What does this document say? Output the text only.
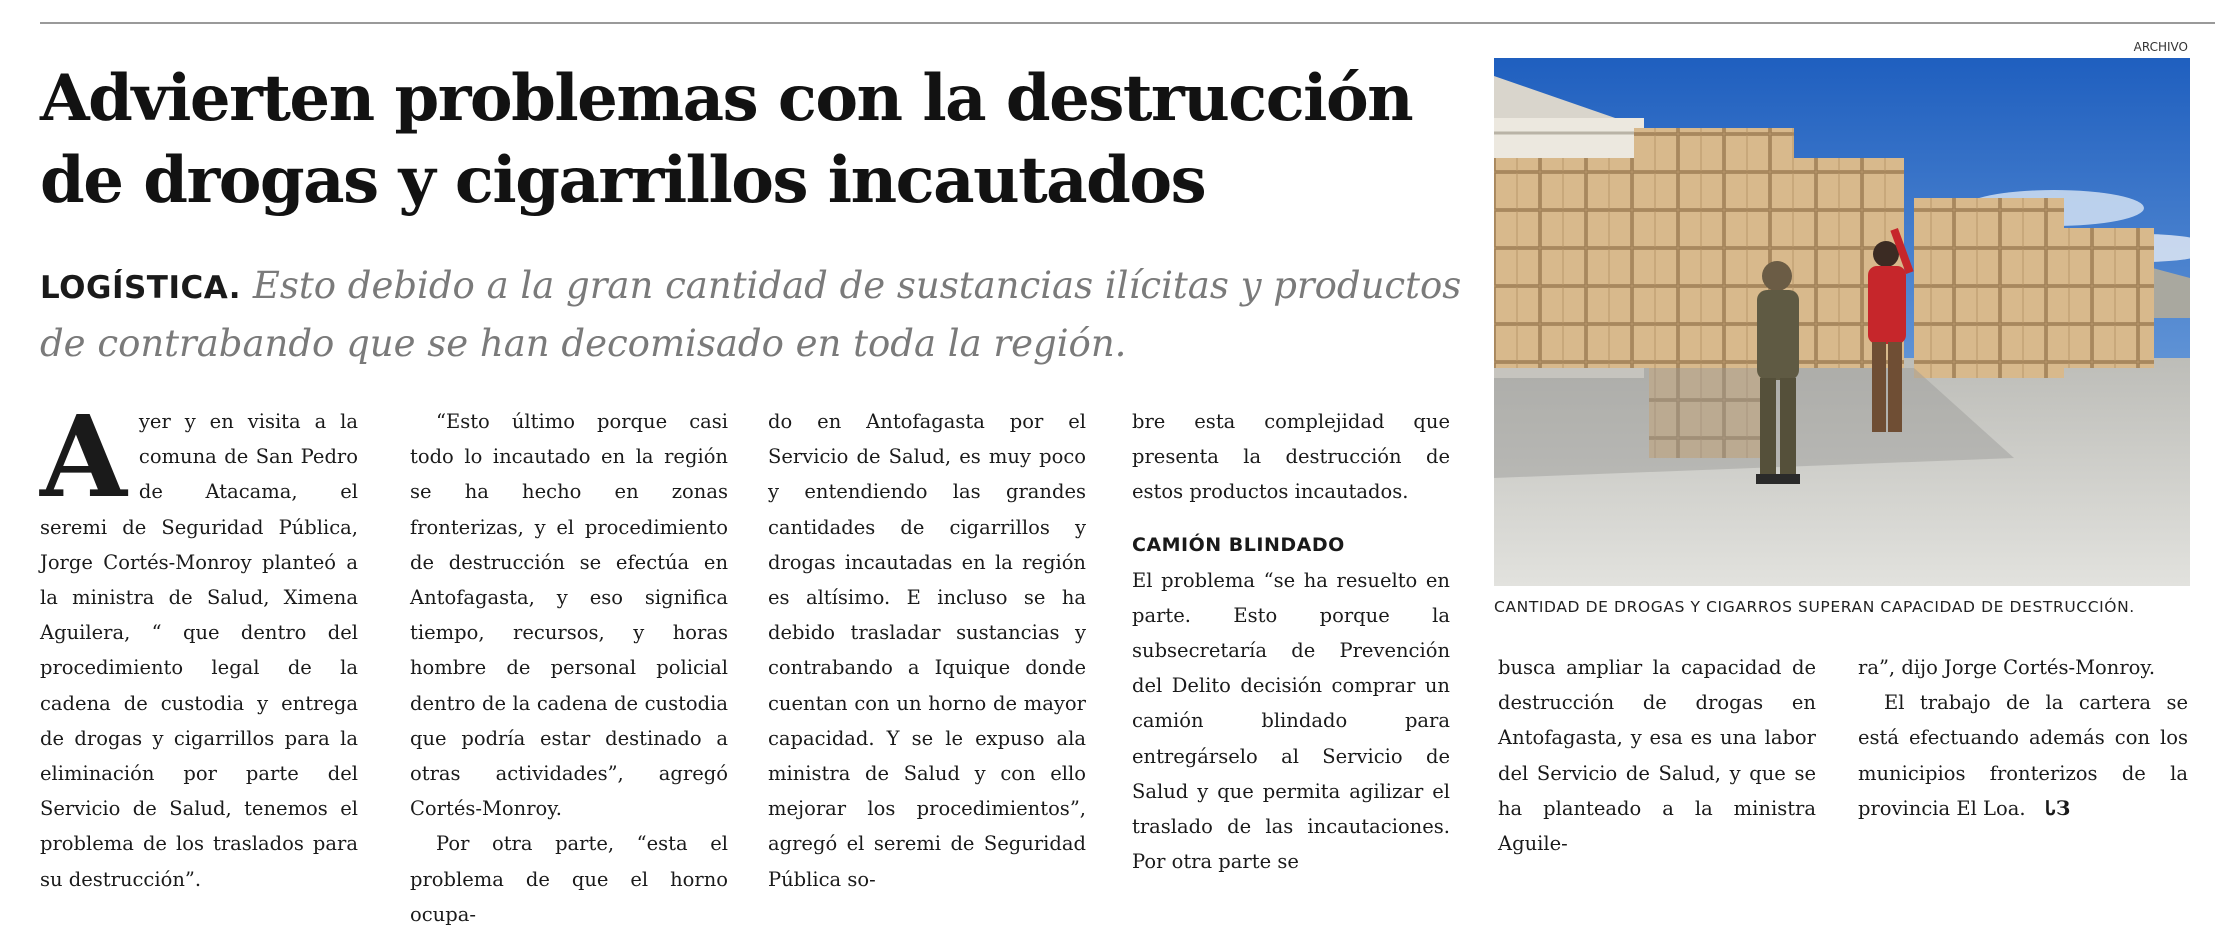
Advierten problemas con la destrucción
de drogas y cigarrillos incautados
LOGÍSTICA. Esto debido a la gran cantidad de sustancias ilícitas y productos de contrabando que se han decomisado en toda la región.

Ayer y en visita a la comuna de San Pedro de Atacama, el seremi de Seguridad Pública, Jorge Cortés-Monroy planteó a la ministra de Salud, Ximena Aguilera, “ que dentro del procedimiento legal de la cadena de custodia y entrega de drogas y cigarrillos para la eliminación por parte del Servicio de Salud, tenemos el problema de los traslados para su destrucción”.

“Esto último porque casi todo lo incautado en la región se ha hecho en zonas fronterizas, y el procedimiento de destrucción se efectúa en Antofagasta, y eso significa tiempo, recursos, y horas hombre de personal policial dentro de la cadena de custodia que podría estar destinado a otras actividades”, agregó Cortés-Monroy.

Por otra parte, “esta el problema de que el horno ocupa-

do en Antofagasta por el Servicio de Salud, es muy poco y entendiendo las grandes cantidades de cigarrillos y drogas incautadas en la región es altísimo. E incluso se ha debido trasladar sustancias y contrabando a Iquique donde cuentan con un horno de mayor capacidad. Y se le expuso ala ministra de Salud y con ello mejorar los procedimientos”, agregó el seremi de Seguridad Pública so-

bre esta complejidad que presenta la destrucción de estos productos incautados.

CAMIÓN BLINDADO

El problema “se ha resuelto en parte. Esto porque la subsecretaría de Prevención del Delito decisión comprar un camión blindado para entregárselo al Servicio de Salud y que permita agilizar el traslado de las incautaciones. Por otra parte se

busca ampliar la capacidad de destrucción de drogas en Antofagasta, y esa es una labor del Servicio de Salud, y que se ha planteado a la ministra Aguile-

ra”, dijo Jorge Cortés-Monroy.

El trabajo de la cartera se está efectuando además con los municipios fronterizos de la provincia El Loa. ᏓЗ

ARCHIVO
CANTIDAD DE DROGAS Y CIGARROS SUPERAN CAPACIDAD DE DESTRUCCIÓN.
